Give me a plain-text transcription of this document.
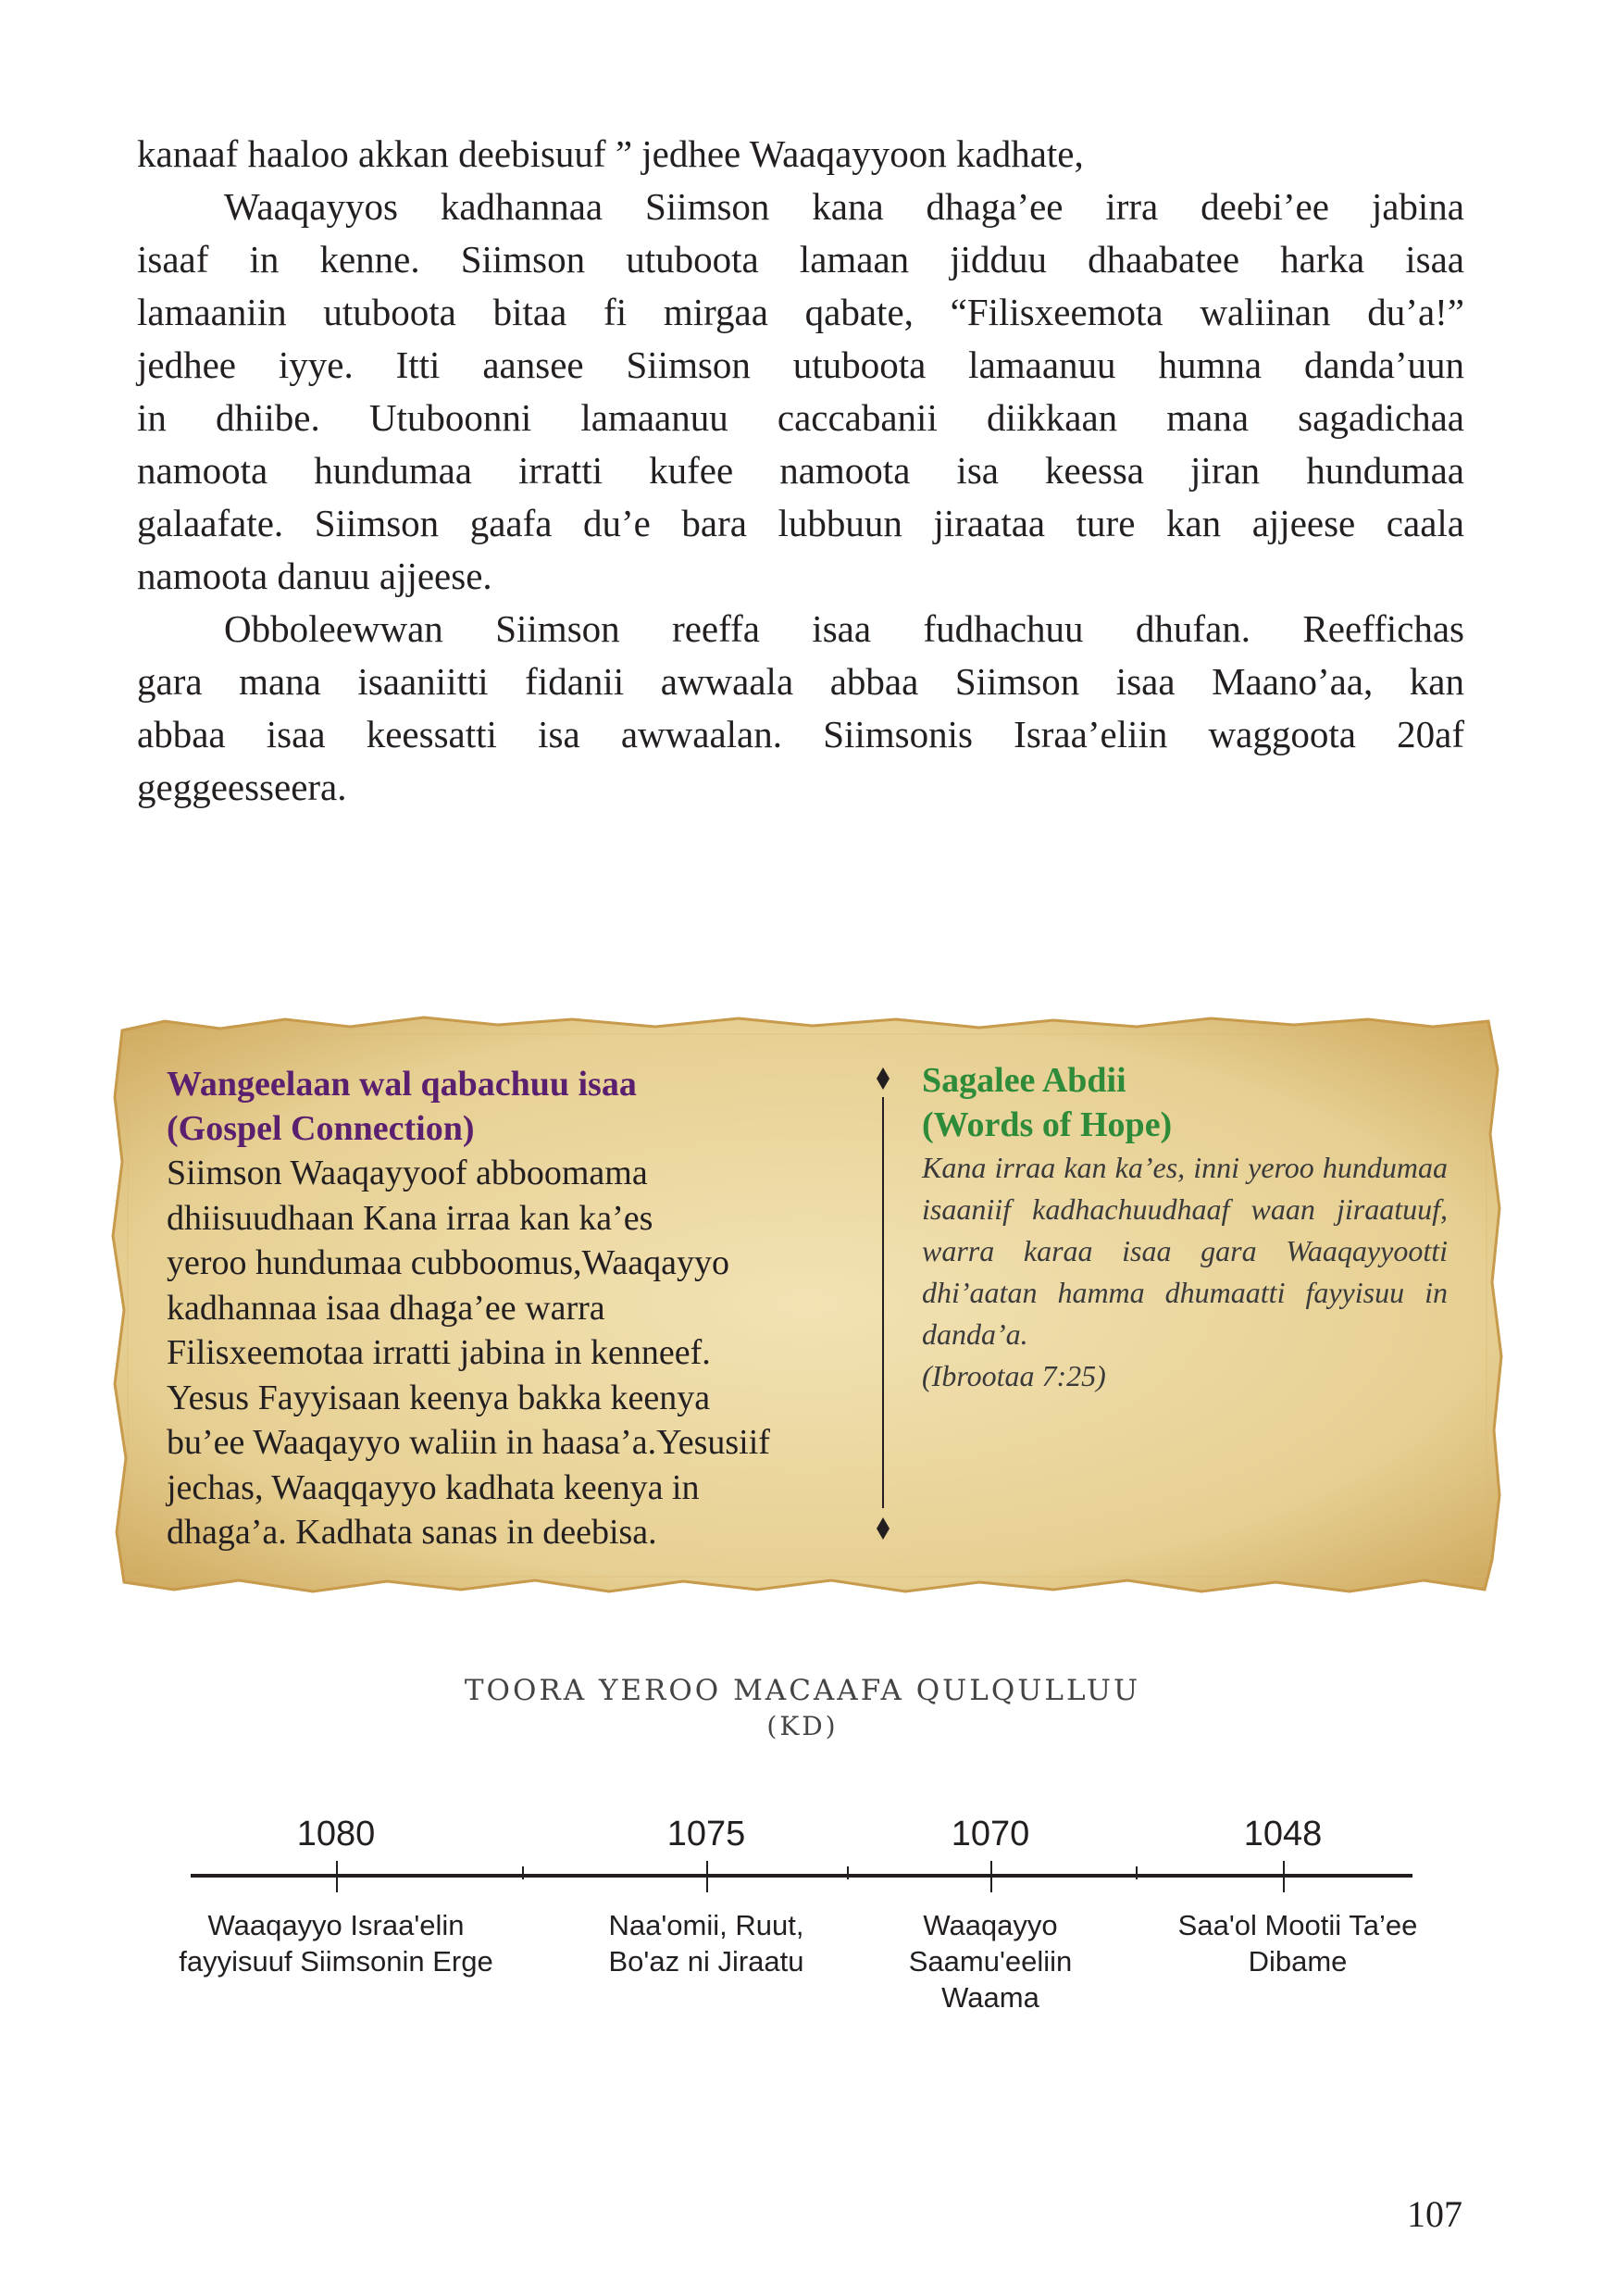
kanaaf haaloo akkan deebisuuf ” jedhee Waaqayyoon kadhate,

Waaqayyos kadhannaa Siimson kana dhaga’ee irra deebi’ee jabina

isaaf in kenne. Siimson utuboota lamaan jidduu dhaabatee harka isaa

lamaaniin utuboota bitaa fi mirgaa qabate, “Filisxeemota waliinan du’a!”

jedhee iyye. Itti aansee Siimson utuboota lamaanuu humna danda’uun

in dhiibe. Utuboonni lamaanuu caccabanii diikkaan mana sagadichaa

namoota hundumaa irratti kufee namoota isa keessa jiran hundumaa

galaafate. Siimson gaafa du’e bara lubbuun jiraataa ture kan ajjeese caala

namoota danuu ajjeese.

Obboleewwan Siimson reeffa isaa fudhachuu dhufan. Reeffichas

gara mana isaaniitti fidanii awwaala abbaa Siimson isaa Maano’aa, kan

abbaa isaa keessatti isa awwaalan. Siimsonis Israa’eliin waggoota 20af

geggeesseera.

Wangeelaan wal qabachuu isaa
(Gospel Connection)
Siimson Waaqayyoof abboomama
dhiisuudhaan Kana irraa kan ka’es
yeroo hundumaa cubboomus,Waaqayyo
kadhannaa isaa dhaga’ee warra
Filisxeemotaa irratti jabina in kenneef.
Yesus Fayyisaan keenya bakka keenya
bu’ee Waaqayyo waliin in haasa’a.Yesusiif
jechas, Waaqqayyo kadhata keenya in
dhaga’a. Kadhata sanas in deebisa.
Sagalee Abdii
(Words of Hope)
Kana irraa kan ka’es, inni yeroo hundumaa isaaniif kadhachuudhaaf waan jiraatuuf, warra karaa isaa gara Waaqayyootti dhi’aatan hamma dhumaatti fayyisuu in danda’a.
(Ibrootaa 7:25)
TOORA YEROO MACAAFA QULQULLUU
(KD)
1080
Waaqayyo Israa'elin
fayyisuuf Siimsonin Erge
1075
Naa'omii, Ruut,
Bo'az ni Jiraatu
1070
Waaqayyo
Saamu'eeliin
Waama
1048
Saa'ol Mootii Ta’ee
Dibame
107
